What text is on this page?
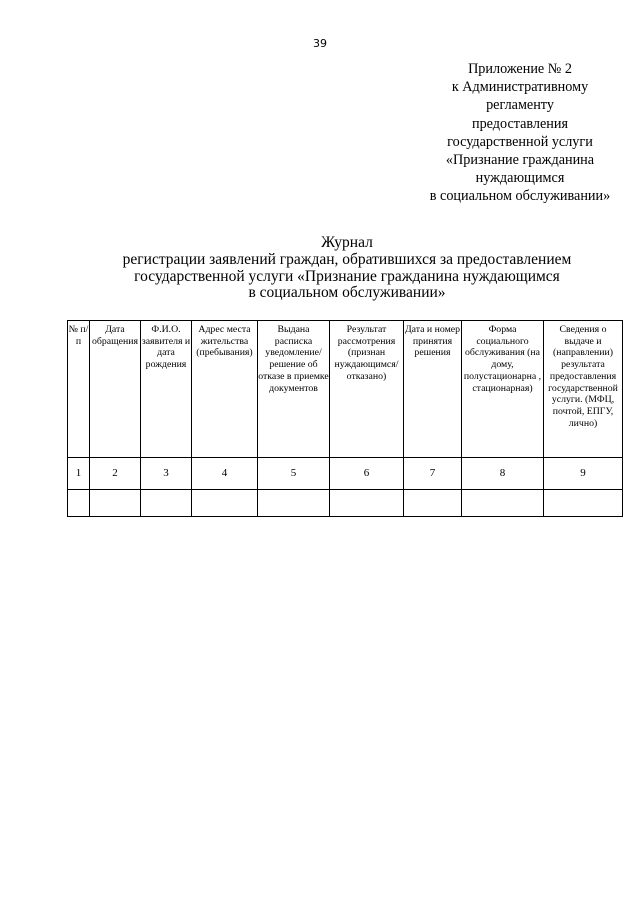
39
Приложение № 2
к Административному
регламенту
предоставления
государственной услуги
«Признание гражданина
нуждающимся
в социальном обслуживании»
Журнал
регистрации заявлений граждан, обратившихся за предоставлением
государственной услуги «Признание гражданина нуждающимся
в социальном обслуживании»
№ п/п	Дата обращения	Ф.И.О. заявителя и дата рождения	Адрес места жительства (пребывания)	Выдана расписка уведомление/ решение об отказе в приемке документов	Результат рассмотрения (признан нуждающимся/ отказано)	Дата и номер принятия решения	Форма социального обслуживания (на дому, полустационарна , стационарная)	Сведения о выдаче и (направлении) результата предоставления государственной услуги. (МФЦ, почтой, ЕПГУ, лично)
1	2	3	4	5	6	7	8	9
